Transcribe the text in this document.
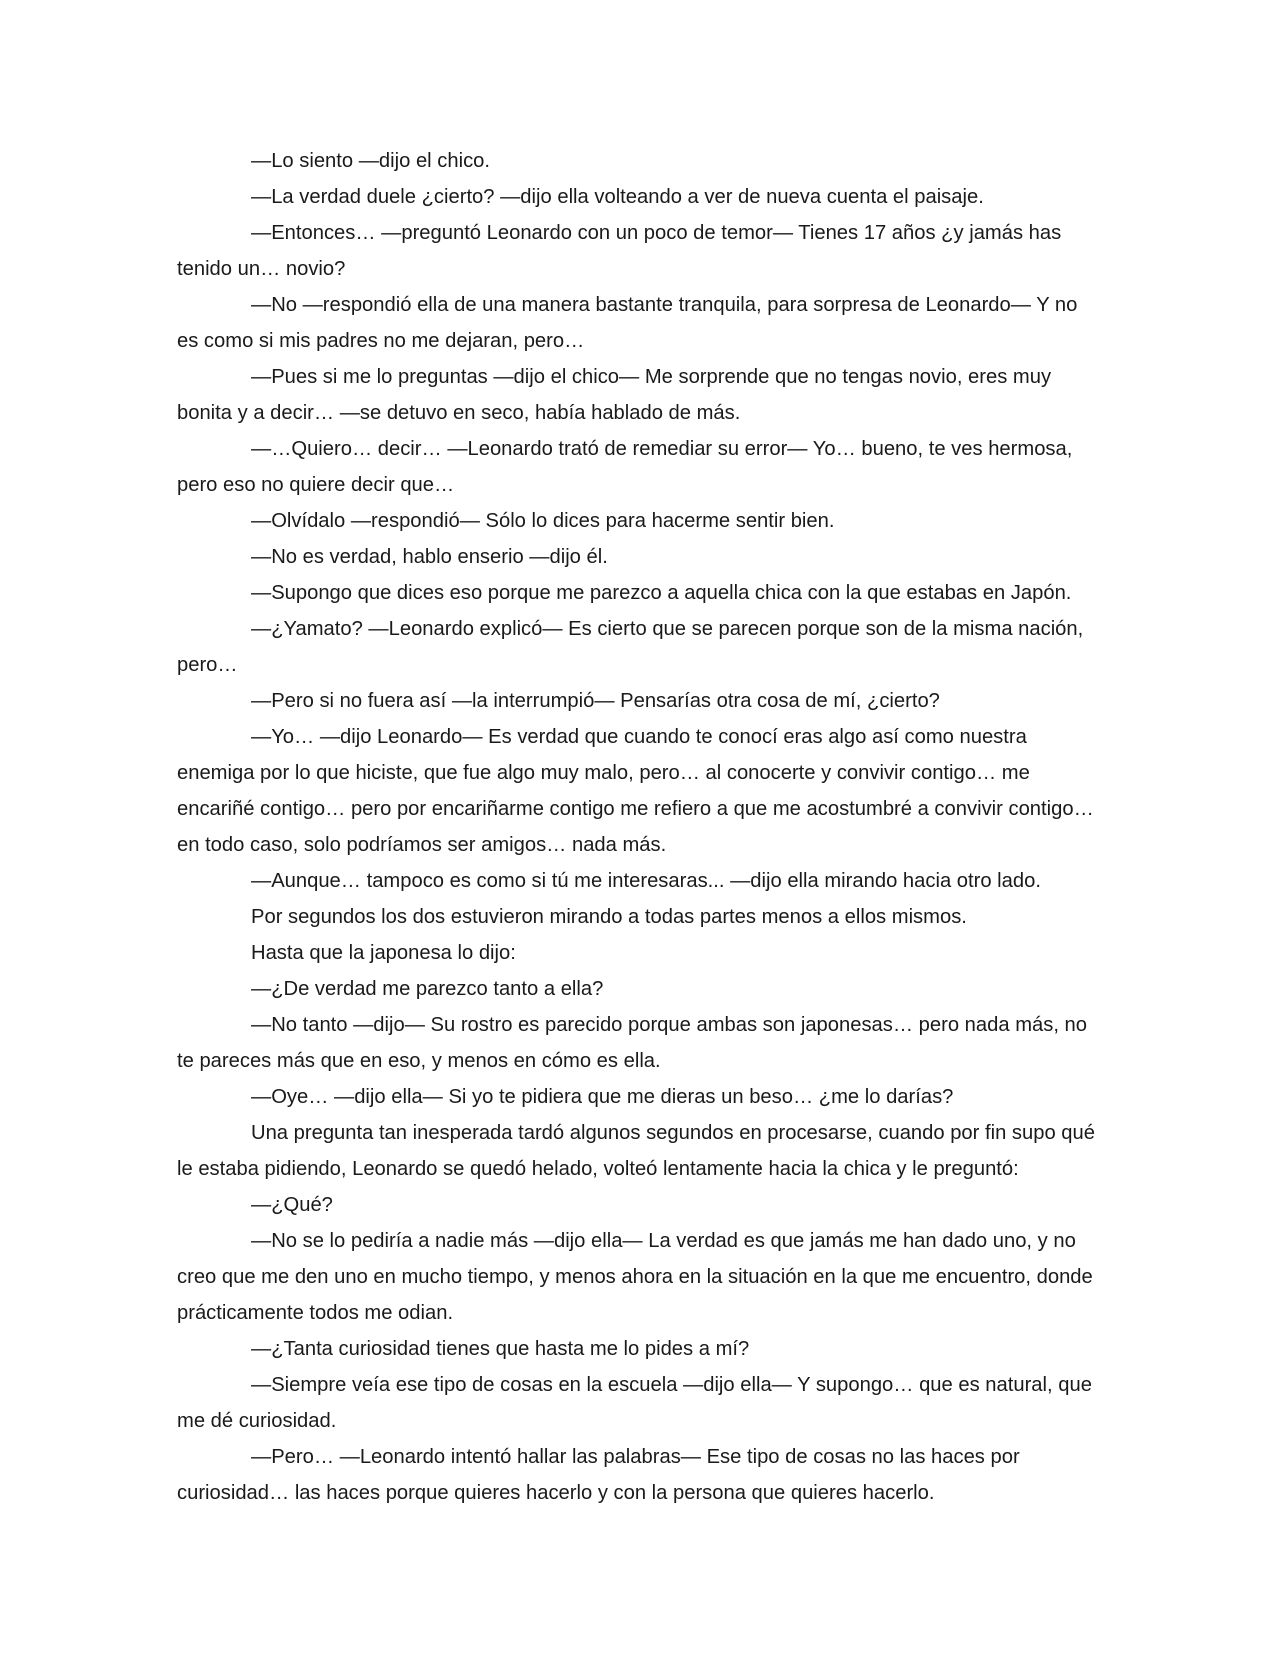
—Lo siento —dijo el chico.

—La verdad duele ¿cierto? —dijo ella volteando a ver de nueva cuenta el paisaje.

—Entonces… —preguntó Leonardo con un poco de temor— Tienes 17 años ¿y jamás has tenido un… novio?

—No —respondió ella de una manera bastante tranquila, para sorpresa de Leonardo— Y no es como si mis padres no me dejaran, pero…

—Pues si me lo preguntas —dijo el chico— Me sorprende que no tengas novio, eres muy bonita y a decir… —se detuvo en seco, había hablado de más.

—…Quiero… decir… —Leonardo trató de remediar su error— Yo… bueno, te ves hermosa, pero eso no quiere decir que…

—Olvídalo —respondió— Sólo lo dices para hacerme sentir bien.

—No es verdad, hablo enserio —dijo él.

—Supongo que dices eso porque me parezco a aquella chica con la que estabas en Japón.

—¿Yamato? —Leonardo explicó— Es cierto que se parecen porque son de la misma nación, pero…

—Pero si no fuera así —la interrumpió— Pensarías otra cosa de mí, ¿cierto?

—Yo… —dijo Leonardo— Es verdad que cuando te conocí eras algo así como nuestra enemiga por lo que hiciste, que fue algo muy malo, pero… al conocerte y convivir contigo… me encariñé contigo… pero por encariñarme contigo me refiero a que me acostumbré a convivir contigo… en todo caso, solo podríamos ser amigos… nada más.

—Aunque… tampoco es como si tú me interesaras... —dijo ella mirando hacia otro lado.

Por segundos los dos estuvieron mirando a todas partes menos a ellos mismos.

Hasta que la japonesa lo dijo:

—¿De verdad me parezco tanto a ella?

—No tanto —dijo— Su rostro es parecido porque ambas son japonesas… pero nada más, no te pareces más que en eso, y menos en cómo es ella.

—Oye… —dijo ella— Si yo te pidiera que me dieras un beso… ¿me lo darías?

Una pregunta tan inesperada tardó algunos segundos en procesarse, cuando por fin supo qué le estaba pidiendo, Leonardo se quedó helado, volteó lentamente hacia la chica y le preguntó:

—¿Qué?

—No se lo pediría a nadie más —dijo ella— La verdad es que jamás me han dado uno, y no creo que me den uno en mucho tiempo, y menos ahora en la situación en la que me encuentro, donde prácticamente todos me odian.

—¿Tanta curiosidad tienes que hasta me lo pides a mí?

—Siempre veía ese tipo de cosas en la escuela —dijo ella— Y supongo… que es natural, que me dé curiosidad.

—Pero… —Leonardo intentó hallar las palabras— Ese tipo de cosas no las haces por curiosidad… las haces porque quieres hacerlo y con la persona que quieres hacerlo.
